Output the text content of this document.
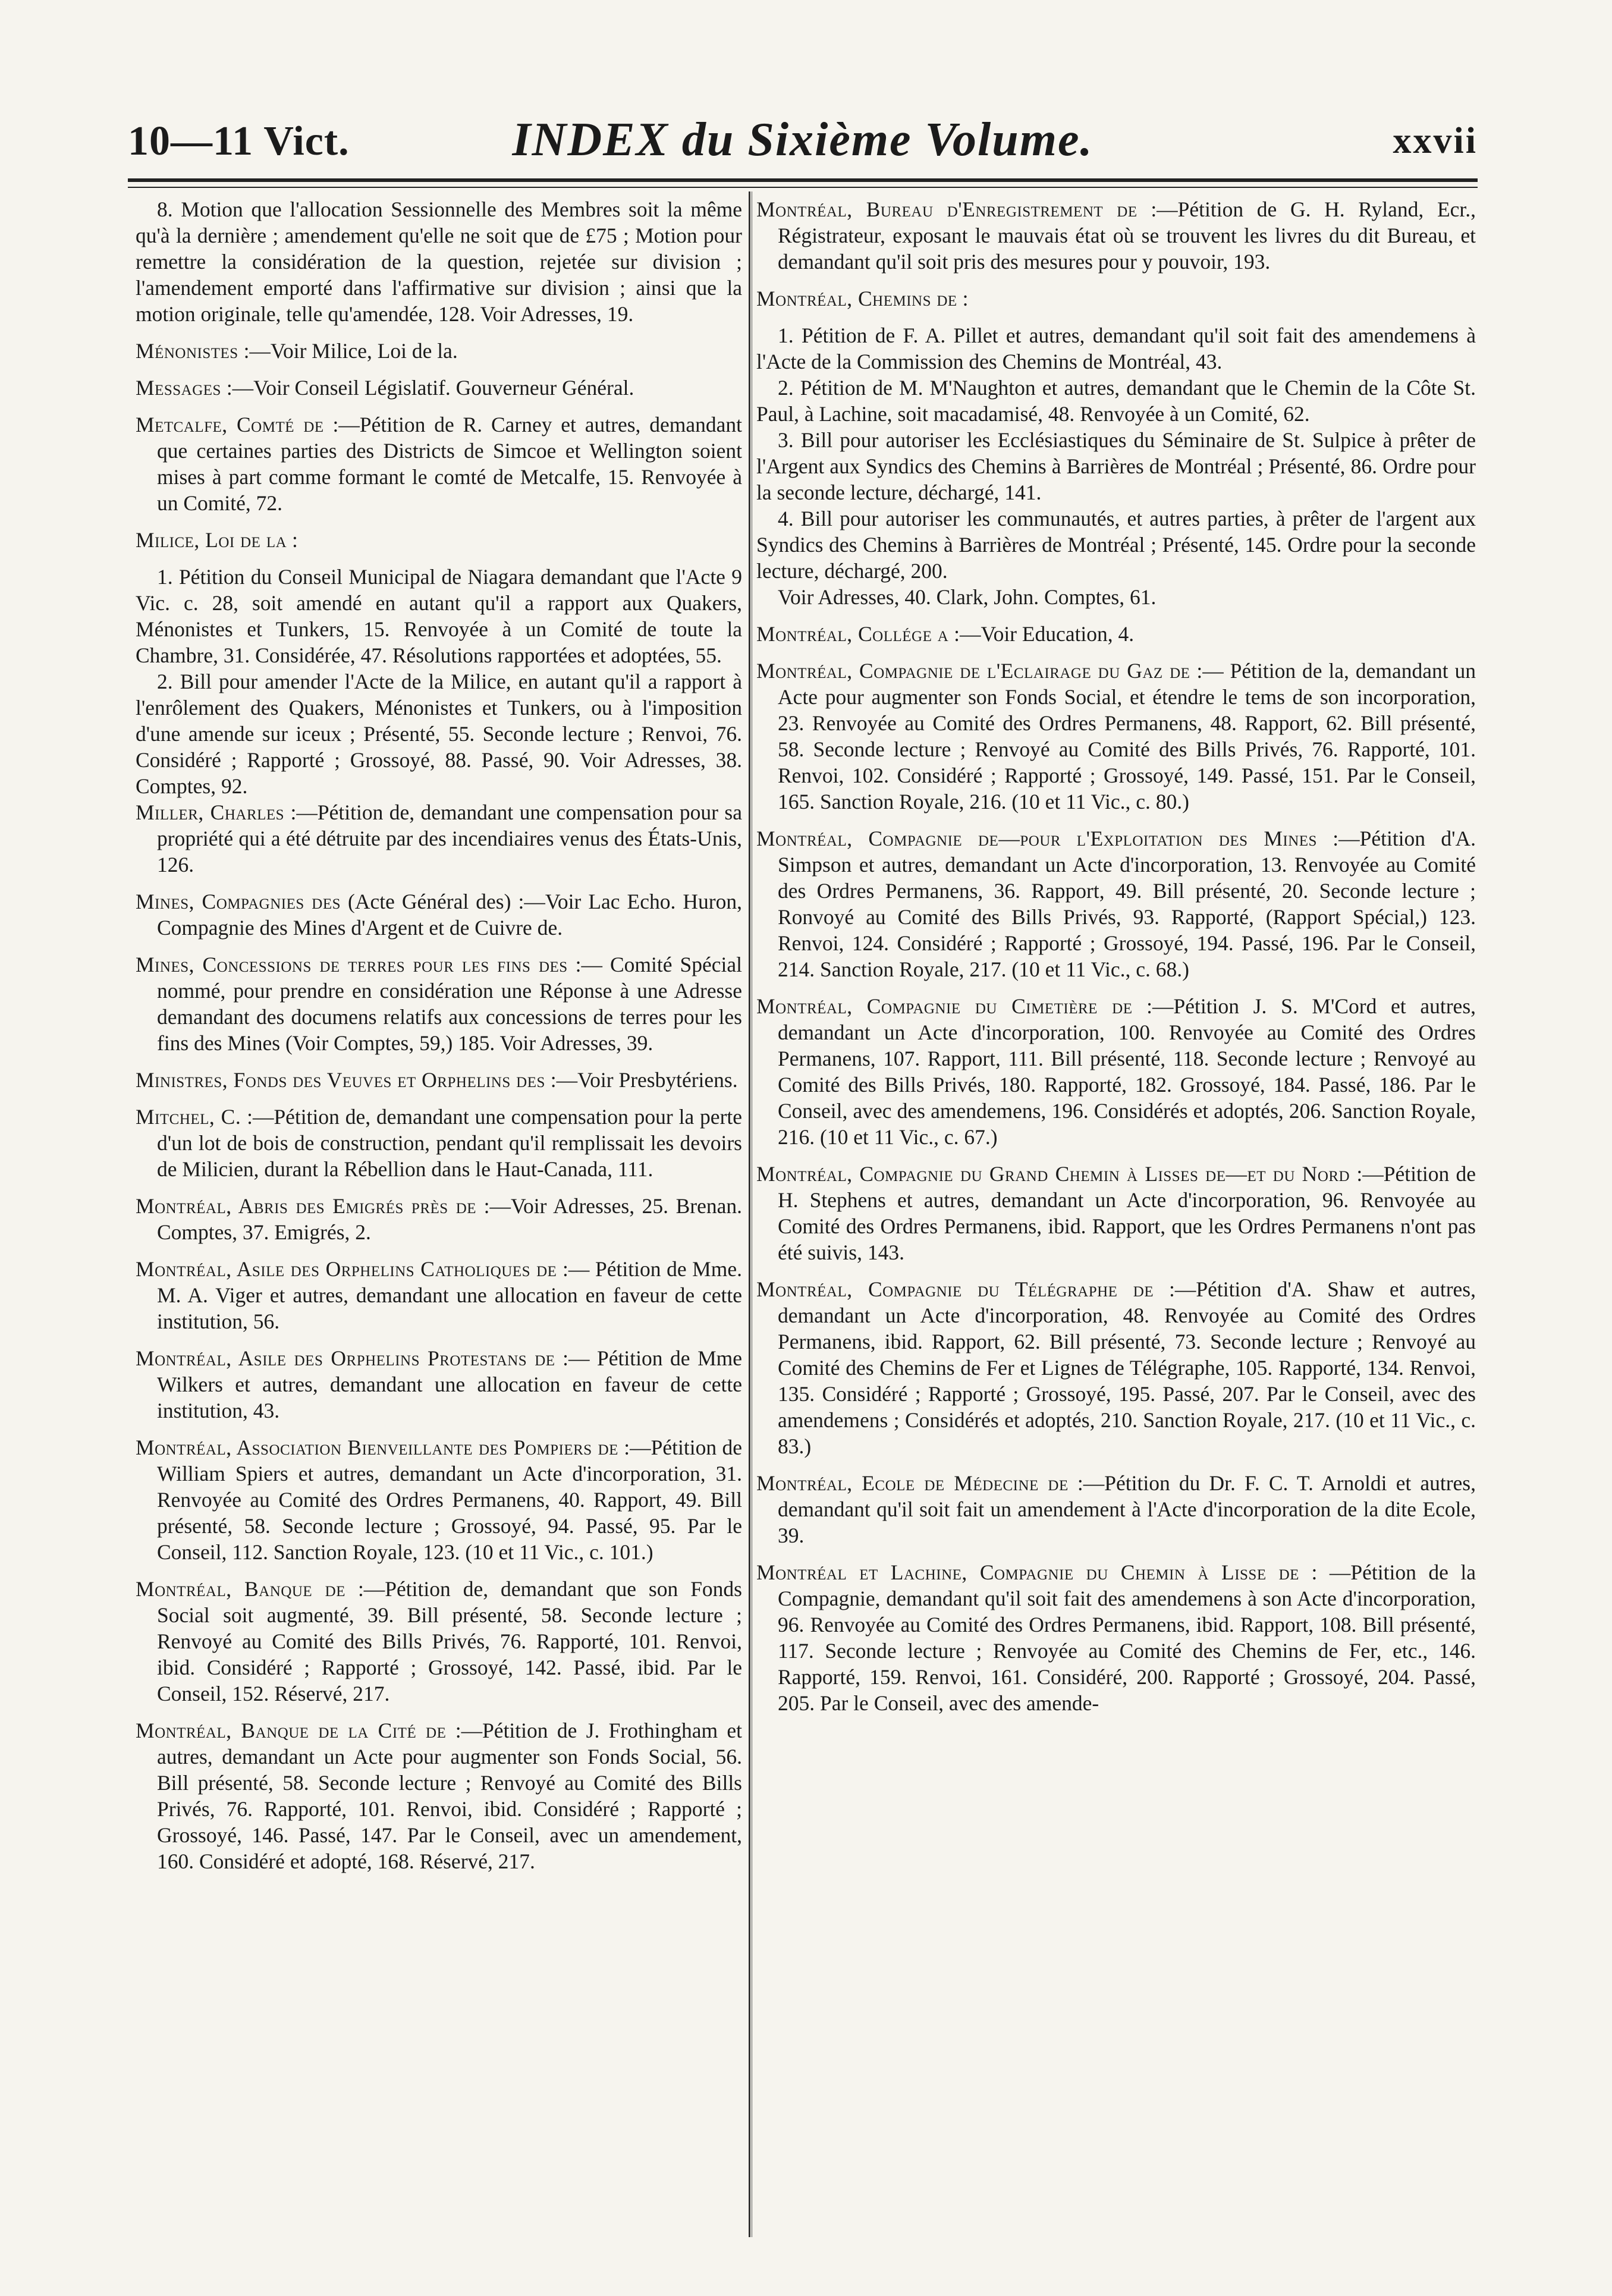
10—11 Vict.	INDEX du Sixième Volume.	xxvii

8. Motion que l'allocation Sessionnelle des Membres soit la même qu'à la dernière ; amendement qu'elle ne soit que de £75 ; Motion pour remettre la considération de la question, rejetée sur division ; l'amendement emporté dans l'affirmative sur division ; ainsi que la motion originale, telle qu'amendée, 128. Voir Adresses, 19.

Ménonistes :—Voir Milice, Loi de la.

Messages :—Voir Conseil Législatif. Gouverneur Général.

Metcalfe, Comté de :—Pétition de R. Carney et autres, demandant que certaines parties des Districts de Simcoe et Wellington soient mises à part comme formant le comté de Metcalfe, 15. Renvoyée à un Comité, 72.

Milice, Loi de la :

1. Pétition du Conseil Municipal de Niagara demandant que l'Acte 9 Vic. c. 28, soit amendé en autant qu'il a rapport aux Quakers, Ménonistes et Tunkers, 15. Renvoyée à un Comité de toute la Chambre, 31. Considérée, 47. Résolutions rapportées et adoptées, 55.

2. Bill pour amender l'Acte de la Milice, en autant qu'il a rapport à l'enrôlement des Quakers, Ménonistes et Tunkers, ou à l'imposition d'une amende sur iceux ; Présenté, 55. Seconde lecture ; Renvoi, 76. Considéré ; Rapporté ; Grossoyé, 88. Passé, 90. Voir Adresses, 38. Comptes, 92.

Miller, Charles :—Pétition de, demandant une compensation pour sa propriété qui a été détruite par des incendiaires venus des États-Unis, 126.

Mines, Compagnies des (Acte Général des) :—Voir Lac Echo. Huron, Compagnie des Mines d'Argent et de Cuivre de.

Mines, Concessions de terres pour les fins des :— Comité Spécial nommé, pour prendre en considération une Réponse à une Adresse demandant des documens relatifs aux concessions de terres pour les fins des Mines (Voir Comptes, 59,) 185. Voir Adresses, 39.

Ministres, Fonds des Veuves et Orphelins des :—Voir Presbytériens.

Mitchel, C. :—Pétition de, demandant une compensation pour la perte d'un lot de bois de construction, pendant qu'il remplissait les devoirs de Milicien, durant la Rébellion dans le Haut-Canada, 111.

Montréal, Abris des Emigrés près de :—Voir Adresses, 25. Brenan. Comptes, 37. Emigrés, 2.

Montréal, Asile des Orphelins Catholiques de :— Pétition de Mme. M. A. Viger et autres, demandant une allocation en faveur de cette institution, 56.

Montréal, Asile des Orphelins Protestans de :— Pétition de Mme Wilkers et autres, demandant une allocation en faveur de cette institution, 43.

Montréal, Association Bienveillante des Pompiers de :—Pétition de William Spiers et autres, demandant un Acte d'incorporation, 31. Renvoyée au Comité des Ordres Permanens, 40. Rapport, 49. Bill présenté, 58. Seconde lecture ; Grossoyé, 94. Passé, 95. Par le Conseil, 112. Sanction Royale, 123. (10 et 11 Vic., c. 101.)

Montréal, Banque de :—Pétition de, demandant que son Fonds Social soit augmenté, 39. Bill présenté, 58. Seconde lecture ; Renvoyé au Comité des Bills Privés, 76. Rapporté, 101. Renvoi, ibid. Considéré ; Rapporté ; Grossoyé, 142. Passé, ibid. Par le Conseil, 152. Réservé, 217.

Montréal, Banque de la Cité de :—Pétition de J. Frothingham et autres, demandant un Acte pour augmenter son Fonds Social, 56. Bill présenté, 58. Seconde lecture ; Renvoyé au Comité des Bills Privés, 76. Rapporté, 101. Renvoi, ibid. Considéré ; Rapporté ; Grossoyé, 146. Passé, 147. Par le Conseil, avec un amendement, 160. Considéré et adopté, 168. Réservé, 217.

Montréal, Bureau d'Enregistrement de :—Pétition de G. H. Ryland, Ecr., Régistrateur, exposant le mauvais état où se trouvent les livres du dit Bureau, et demandant qu'il soit pris des mesures pour y pouvoir, 193.

Montréal, Chemins de :

1. Pétition de F. A. Pillet et autres, demandant qu'il soit fait des amendemens à l'Acte de la Commission des Chemins de Montréal, 43.

2. Pétition de M. M'Naughton et autres, demandant que le Chemin de la Côte St. Paul, à Lachine, soit macadamisé, 48. Renvoyée à un Comité, 62.

3. Bill pour autoriser les Ecclésiastiques du Séminaire de St. Sulpice à prêter de l'Argent aux Syndics des Chemins à Barrières de Montréal ; Présenté, 86. Ordre pour la seconde lecture, déchargé, 141.

4. Bill pour autoriser les communautés, et autres parties, à prêter de l'argent aux Syndics des Chemins à Barrières de Montréal ; Présenté, 145. Ordre pour la seconde lecture, déchargé, 200.

Voir Adresses, 40. Clark, John. Comptes, 61.

Montréal, Collége a :—Voir Education, 4.

Montréal, Compagnie de l'Eclairage du Gaz de :— Pétition de la, demandant un Acte pour augmenter son Fonds Social, et étendre le tems de son incorporation, 23. Renvoyée au Comité des Ordres Permanens, 48. Rapport, 62. Bill présenté, 58. Seconde lecture ; Renvoyé au Comité des Bills Privés, 76. Rapporté, 101. Renvoi, 102. Considéré ; Rapporté ; Grossoyé, 149. Passé, 151. Par le Conseil, 165. Sanction Royale, 216. (10 et 11 Vic., c. 80.)

Montréal, Compagnie de—pour l'Exploitation des Mines :—Pétition d'A. Simpson et autres, demandant un Acte d'incorporation, 13. Renvoyée au Comité des Ordres Permanens, 36. Rapport, 49. Bill présenté, 20. Seconde lecture ; Ronvoyé au Comité des Bills Privés, 93. Rapporté, (Rapport Spécial,) 123. Renvoi, 124. Considéré ; Rapporté ; Grossoyé, 194. Passé, 196. Par le Conseil, 214. Sanction Royale, 217. (10 et 11 Vic., c. 68.)

Montréal, Compagnie du Cimetière de :—Pétition J. S. M'Cord et autres, demandant un Acte d'incorporation, 100. Renvoyée au Comité des Ordres Permanens, 107. Rapport, 111. Bill présenté, 118. Seconde lecture ; Renvoyé au Comité des Bills Privés, 180. Rapporté, 182. Grossoyé, 184. Passé, 186. Par le Conseil, avec des amendemens, 196. Considérés et adoptés, 206. Sanction Royale, 216. (10 et 11 Vic., c. 67.)

Montréal, Compagnie du Grand Chemin à Lisses de—et du Nord :—Pétition de H. Stephens et autres, demandant un Acte d'incorporation, 96. Renvoyée au Comité des Ordres Permanens, ibid. Rapport, que les Ordres Permanens n'ont pas été suivis, 143.

Montréal, Compagnie du Télégraphe de :—Pétition d'A. Shaw et autres, demandant un Acte d'incorporation, 48. Renvoyée au Comité des Ordres Permanens, ibid. Rapport, 62. Bill présenté, 73. Seconde lecture ; Renvoyé au Comité des Chemins de Fer et Lignes de Télégraphe, 105. Rapporté, 134. Renvoi, 135. Considéré ; Rapporté ; Grossoyé, 195. Passé, 207. Par le Conseil, avec des amendemens ; Considérés et adoptés, 210. Sanction Royale, 217. (10 et 11 Vic., c. 83.)

Montréal, Ecole de Médecine de :—Pétition du Dr. F. C. T. Arnoldi et autres, demandant qu'il soit fait un amendement à l'Acte d'incorporation de la dite Ecole, 39.

Montréal et Lachine, Compagnie du Chemin à Lisse de : —Pétition de la Compagnie, demandant qu'il soit fait des amendemens à son Acte d'incorporation, 96. Renvoyée au Comité des Ordres Permanens, ibid. Rapport, 108. Bill présenté, 117. Seconde lecture ; Renvoyée au Comité des Chemins de Fer, etc., 146. Rapporté, 159. Renvoi, 161. Considéré, 200. Rapporté ; Grossoyé, 204. Passé, 205. Par le Conseil, avec des amende-
